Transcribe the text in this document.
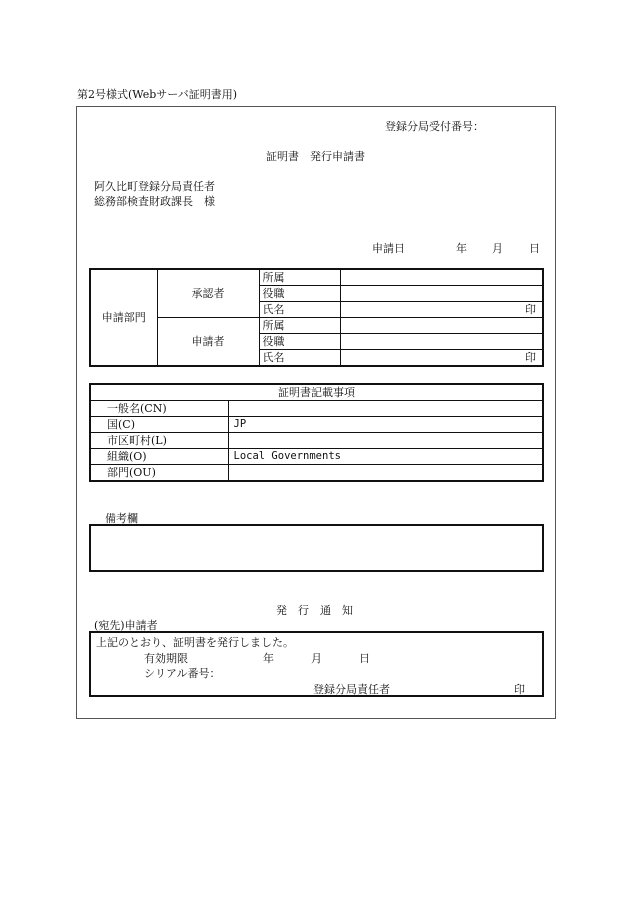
第2号様式(Webサーバ証明書用)
登録分局受付番号：
証明書　発行申請書
阿久比町登録分局責任者
総務部検査財政課長　様
申請日	年 月 日
申請部門	承認者	所属	
		役職	
		氏名	印
	申請者	所属	
		役職	
		氏名	印
証明書記載事項	
一般名(CN)	
国(C)	JP
市区町村(L)	
組織(O)	Local Governments
部門(OU)	
備考欄
発　行　通　知
(宛先)申請者
上記のとおり、証明書を発行しました。
有効期限	年	月	日
シリアル番号：
登録分局責任者	印
